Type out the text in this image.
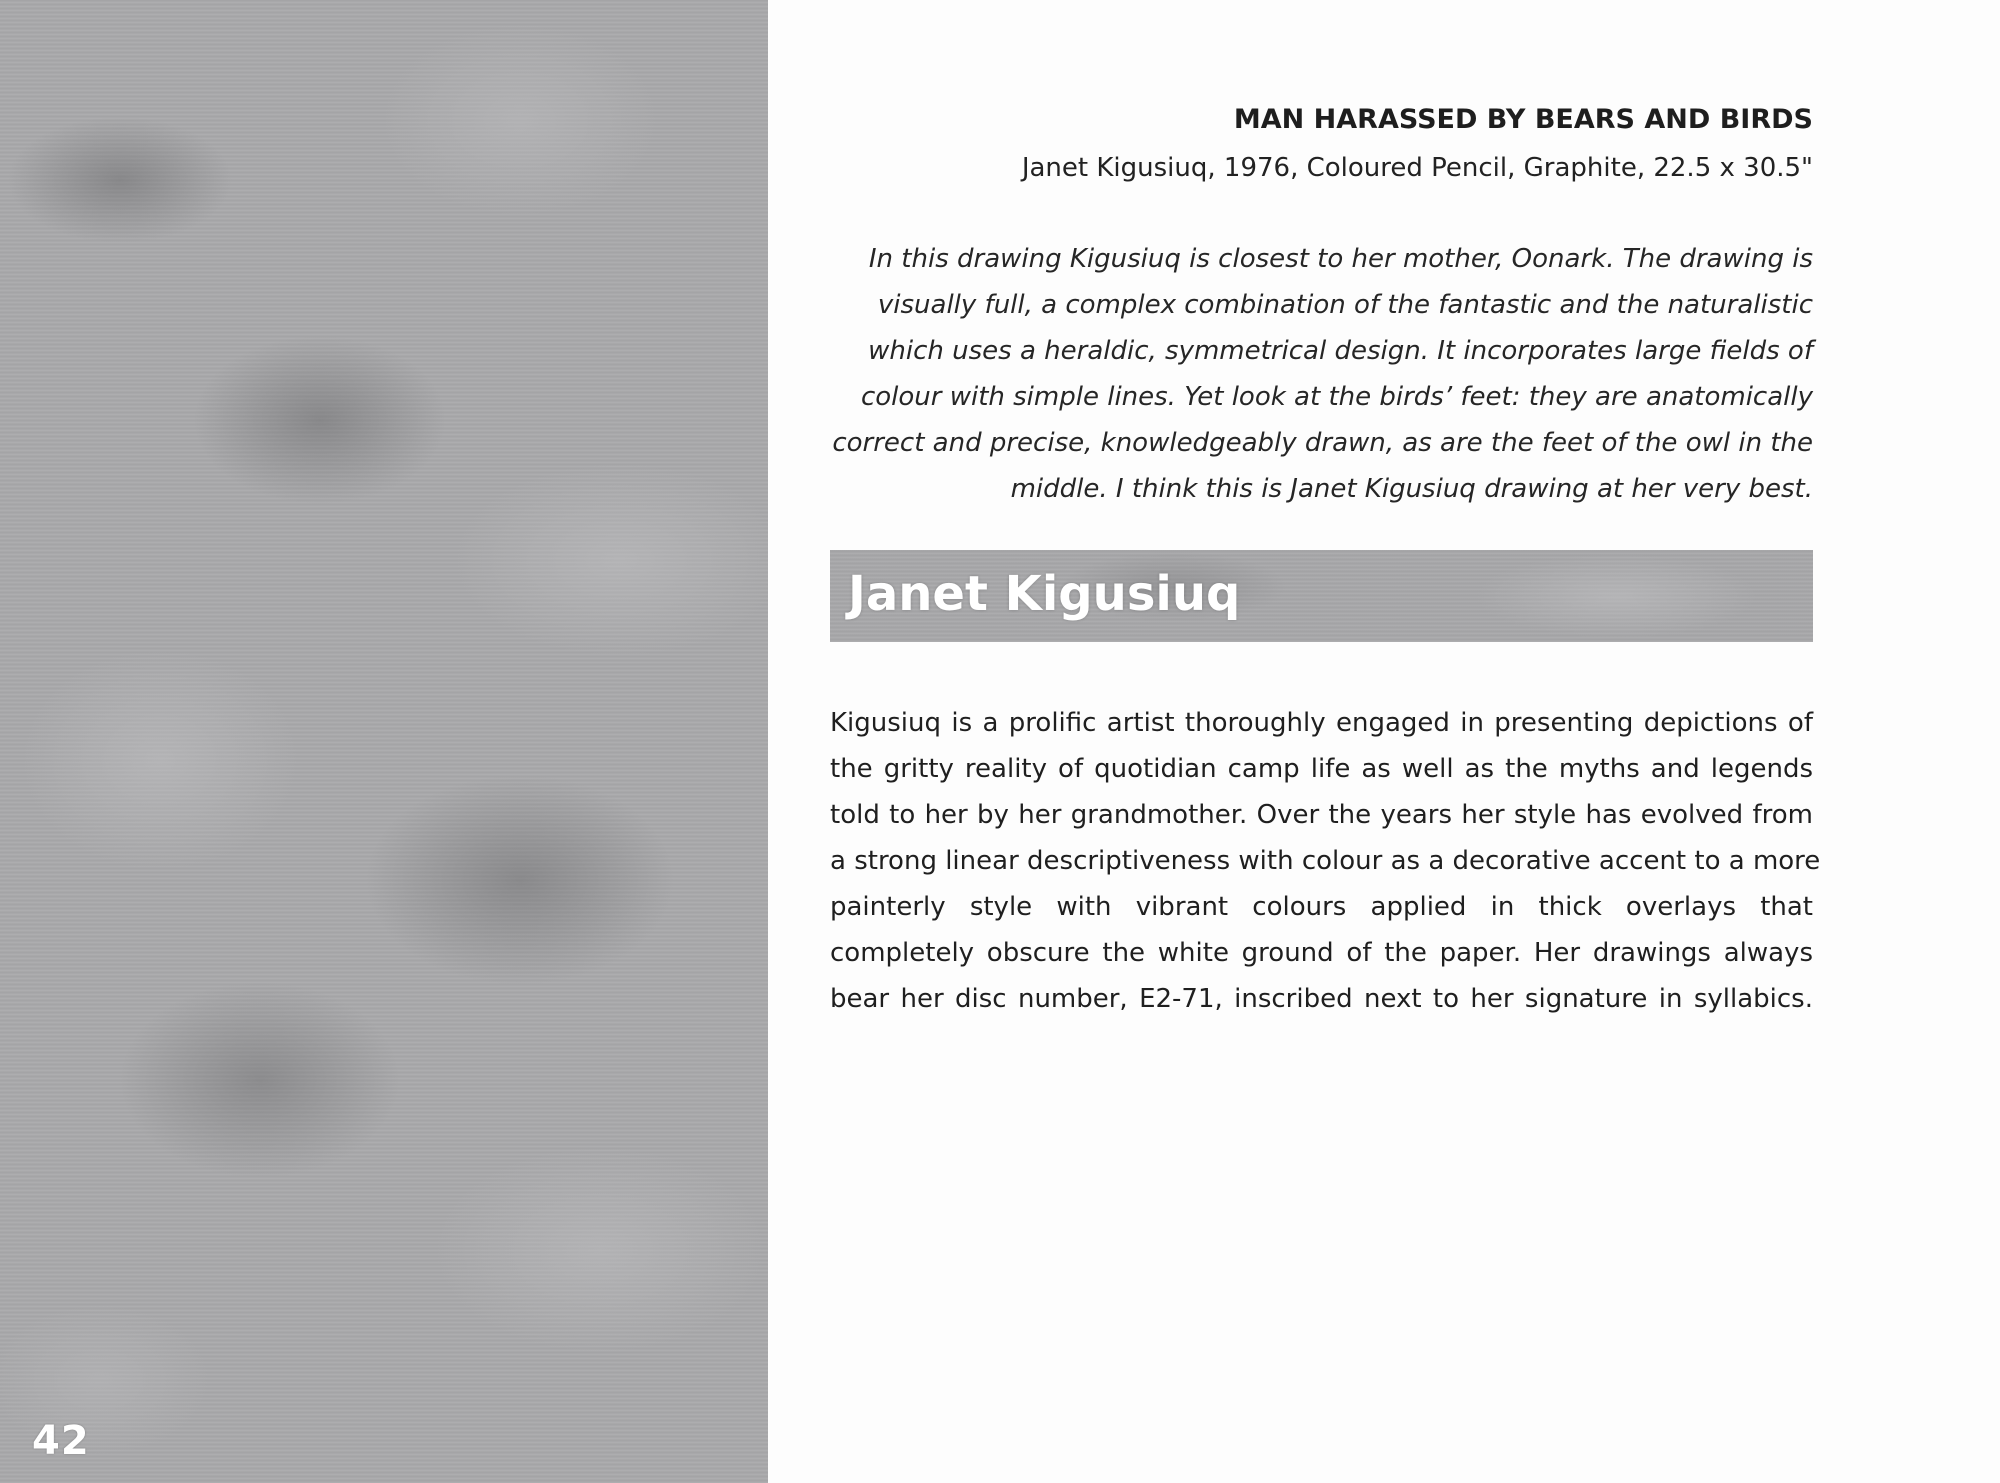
42

MAN HARASSED BY BEARS AND BIRDS

Janet Kigusiuq, 1976, Coloured Pencil, Graphite, 22.5 x 30.5"

In this drawing Kigusiuq is closest to her mother, Oonark. The drawing is
visually full, a complex combination of the fantastic and the naturalistic
which uses a heraldic, symmetrical design. It incorporates large fields of
colour with simple lines. Yet look at the birds’ feet: they are anatomically
correct and precise, knowledgeably drawn, as are the feet of the owl in the
middle. I think this is Janet Kigusiuq drawing at her very best.
Janet Kigusiuq
Kigusiuq is a prolific artist thoroughly engaged in presenting depictions of
the gritty reality of quotidian camp life as well as the myths and legends
told to her by her grandmother. Over the years her style has evolved from
a strong linear descriptiveness with colour as a decorative accent to a more
painterly style with vibrant colours applied in thick overlays that
completely obscure the white ground of the paper. Her drawings always
bear her disc number, E2-71, inscribed next to her signature in syllabics.
